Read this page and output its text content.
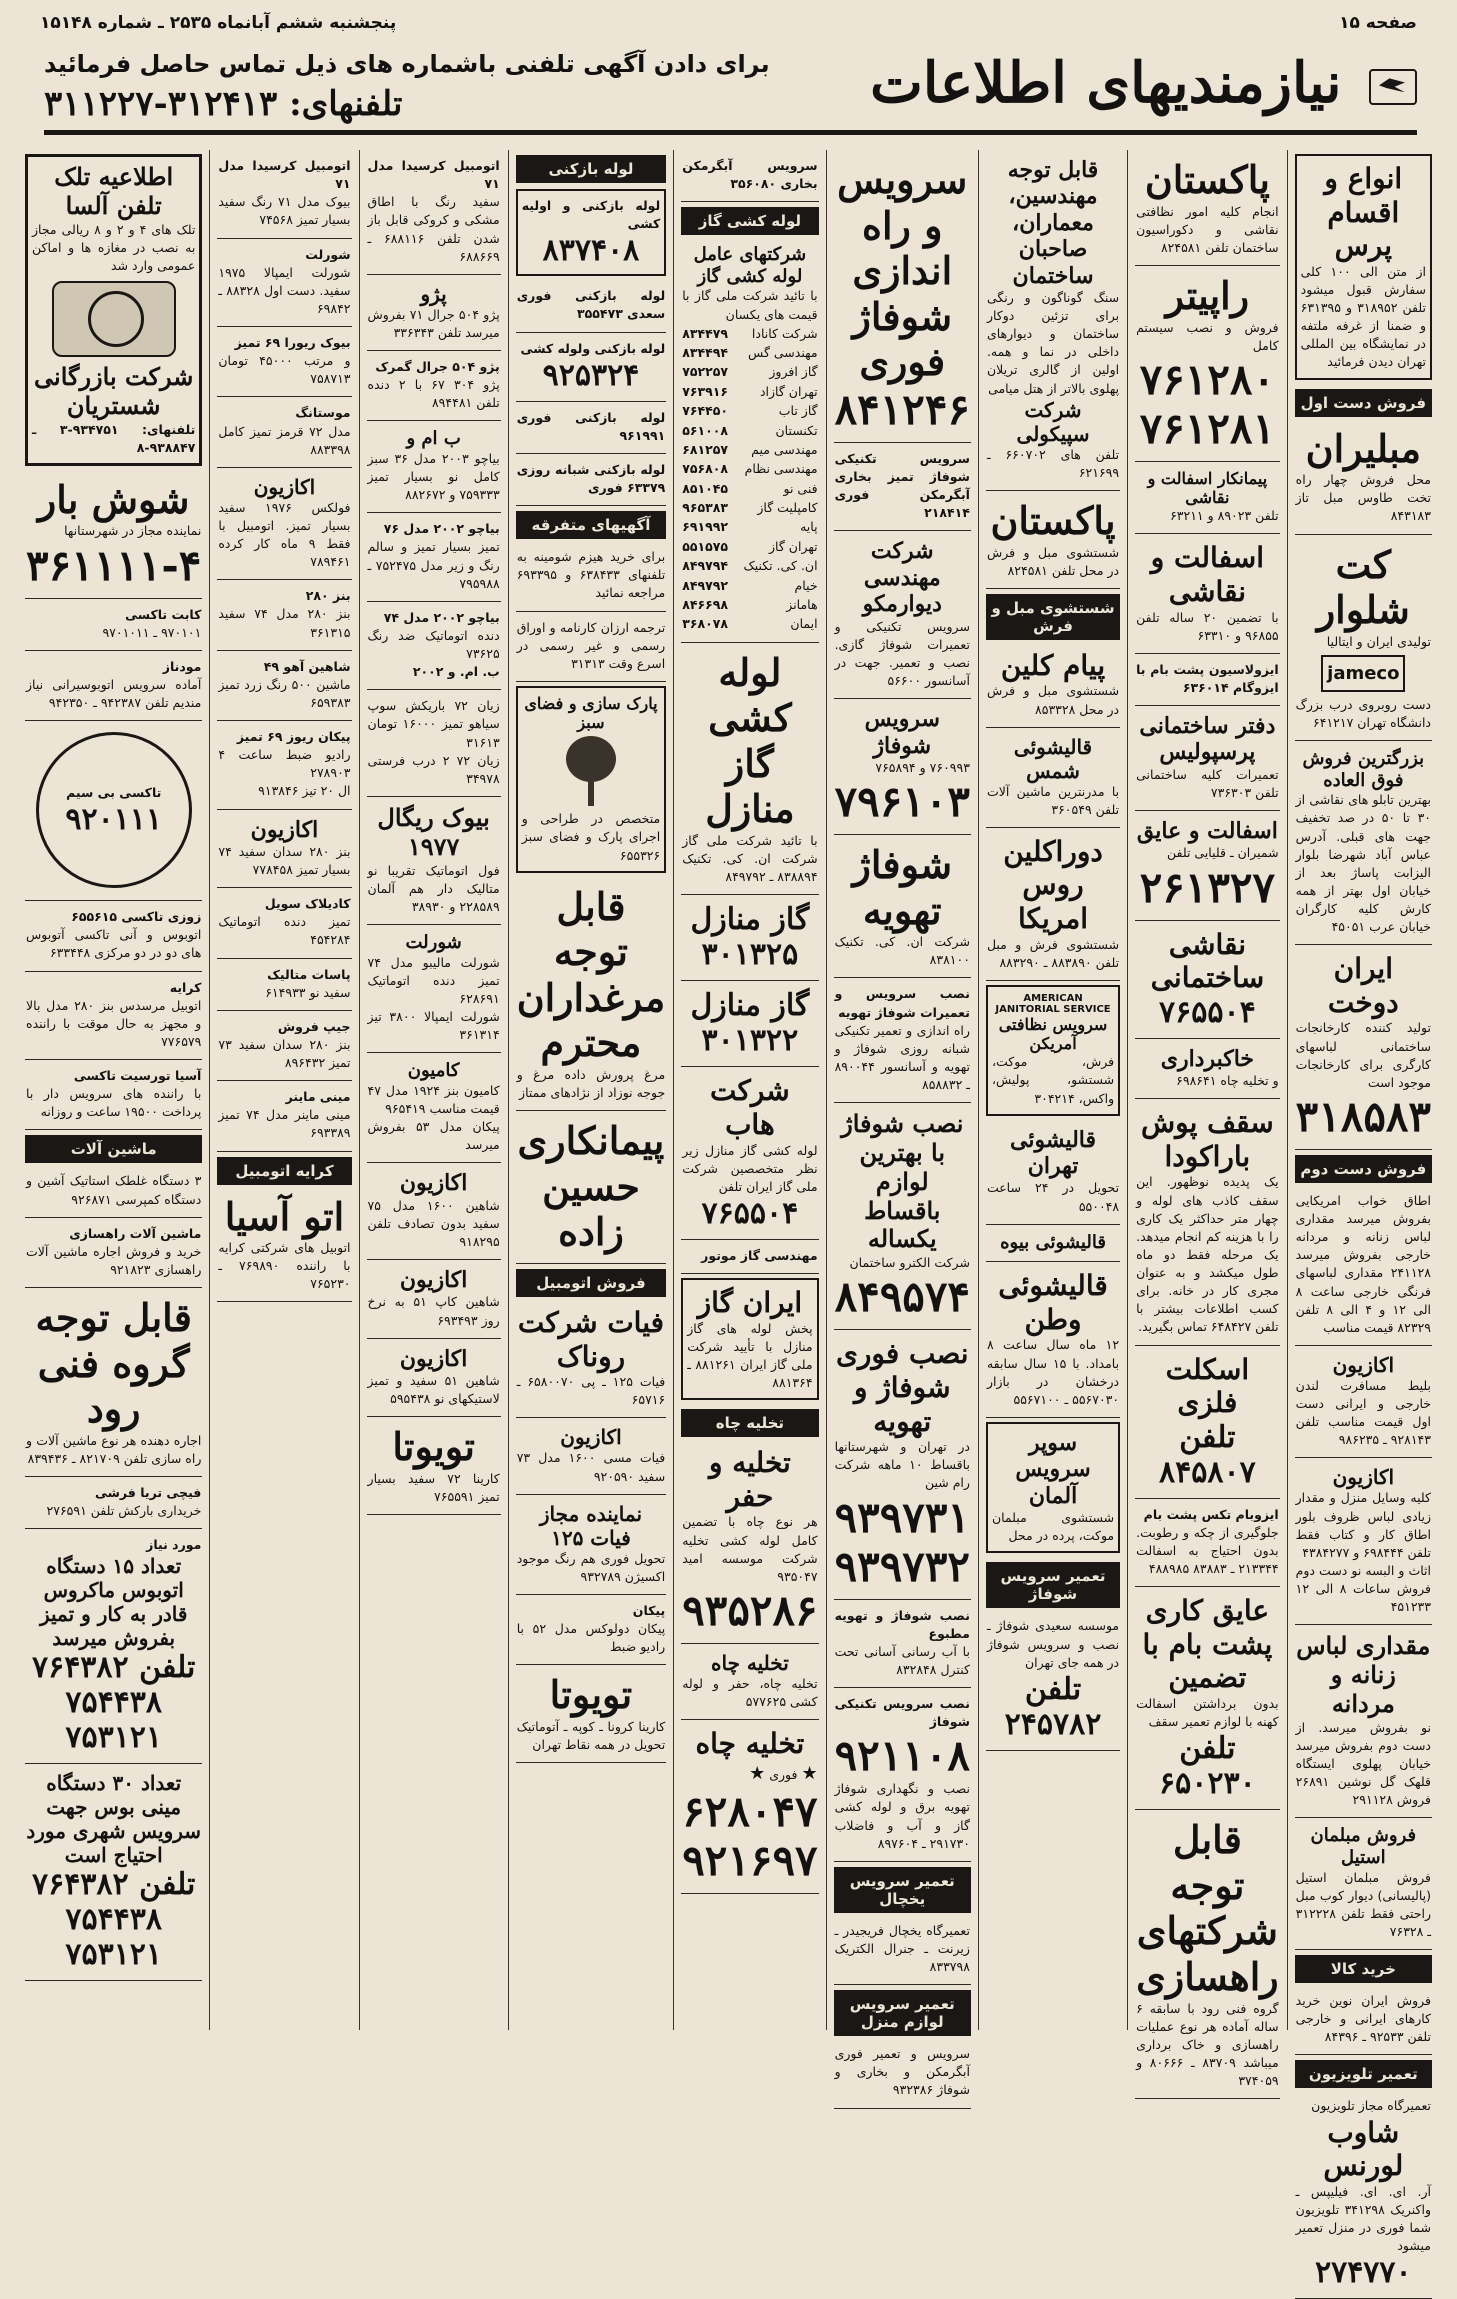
صفحه ۱۵
پنجشنبه ششم آبانماه ۲۵۳۵ ـ شماره ۱۵۱۴۸
نیازمندیهای اطلاعات
برای دادن آگهی تلفنی باشماره های ذیل تماس حاصل فرمائید
تلفنهای: ۳۱۲۴۱۳-۳۱۱۲۲۷
انواع و اقسام پرس
از متن الی ۱۰۰ کلی سفارش قبول میشود تلفن ۳۱۸۹۵۲ و ۶۳۱۳۹۵ و ضمنا از غرفه ملتفه در نمایشگاه بین المللی تهران دیدن فرمائید
فروش دست اول
مبلیران
محل فروش چهار راه تخت طاوس مبل تاز ۸۴۳۱۸۳
کت شلوار
تولیدی ایران و ایتالیا
jameco
دست روبروی درب بزرگ دانشگاه تهران ۶۴۱۲۱۷
بزرگترین فروش فوق العاده
بهترین تابلو های نقاشی از ۳۰ تا ۵۰ در صد تخفیف جهت های قبلی. آدرس عباس آباد شهرضا بلوار الیزابت پاساژ بعد از خیابان اول بهتر از همه کارش کلیه کارگران خیابان عرب ۴۵۰۵۱
ایران دوخت
تولید کننده کارخانجات ساختمانی لباسهای کارگری برای کارخانجات موجود است
۳۱۸۵۸۳
فروش دست دوم
اطاق خواب امریکایی بفروش میرسد مقداری لباس زنانه و مردانه خارجی بفروش میرسد ۲۴۱۱۲۸ مقداری لباسهای فرنگی خارجی ساعت ۸ الی ۱۲ و ۴ الی ۸ تلفن ۸۲۳۲۹ قیمت مناسب
اکازیون
بلیط مسافرت لندن خارجی و ایرانی دست اول قیمت مناسب تلفن ۹۲۸۱۴۳ ـ ۹۸۶۲۳۵
اکازیون
کلیه وسایل منزل و مقدار زیادی لباس ظروف بلور اطاق کار و کتاب فقط تلفن ۶۹۸۴۴۴ و ۴۳۸۴۲۷۷
اثاث و البسه نو دست دوم فروش ساعات ۸ الی ۱۲ ۴۵۱۲۳۳
مقداری لباس زنانه و مردانه
نو بفروش میرسد. از دست دوم بفروش میرسد خیابان پهلوی ایستگاه قلهک گل نوشین ۲۶۸۹۱ فروش ۲۹۱۱۲۸
فروش مبلمان استیل
فروش مبلمان استیل (پالیسانی) دیوار کوب مبل راحتی فقط تلفن ۳۱۲۲۲۸ ـ ۷۶۳۲۸
خرید کالا
فروش ایران نوین خرید کارهای ایرانی و خارجی تلفن ۹۲۵۳۳ ـ ۸۴۳۹۶
تعمیر تلویزیون
تعمیرگاه مجاز تلویزیون
شاوب لورنس
آر. ای. ای. فیلیپس ـ واکنریک ۳۴۱۲۹۸ تلویزیون شما فوری در منزل تعمیر میشود
۲۷۴۷۷۰
پاکستان
انجام کلیه امور نظافتی نقاشی و دکوراسیون ساختمان تلفن ۸۲۴۵۸۱
راپیتر
فروش و نصب سیستم کامل
۷۶۱۲۸۰
۷۶۱۲۸۱
پیمانکار اسفالت و نقاشی
تلفن ۸۹۰۲۳ و ۶۳۲۱۱
اسفالت و نقاشی
با تضمین ۲۰ ساله تلفن ۹۶۸۵۵ و ۶۳۳۱۰
ایزولاسیون پشت بام با ایزوگام ۶۳۶۰۱۴
دفتر ساختمانی پرسپولیس
تعمیرات کلیه ساختمانی تلفن ۷۳۶۳۰۳
اسفالت و عایق
شمیران ـ قلیایی تلفن
۲۶۱۳۲۷
نقاشی ساختمانی
۷۶۵۵۰۴
خاکبرداری
و تخلیه چاه ۶۹۸۶۴۱
سقف پوش باراکودا
یک پدیده نوظهور. این سقف کاذب های لوله و چهار متر حداکثر یک کاری را با هزینه کم انجام میدهد. یک مرحله فقط دو ماه طول میکشد و به عنوان مجری کار در خانه. برای کسب اطلاعات بیشتر با تلفن ۶۴۸۴۲۷ تماس بگیرید.
اسکلت فلزی
تلفن ۸۴۵۸۰۷
ایزوبام تکس پشت بام
جلوگیری از چکه و رطوبت. بدون احتیاج به اسفالت ۲۱۳۳۴۴ ـ ۸۳۸۸۳ ۴۸۸۹۸۵
عایق کاری پشت بام با تضمین
بدون برداشتن اسفالت کهنه با لوازم تعمیر سقف
تلفن ۶۵۰۲۳۰
قابل توجه شرکتهای راهسازی
گروه فنی رود با سابقه ۶ ساله آماده هر نوع عملیات راهسازی و خاک برداری میباشد ۸۳۷۰۹ ـ ۸۰۶۶۶ و ۳۷۴۰۵۹
قابل توجه مهندسین، معماران، صاحبان ساختمان
سنگ گوناگون و رنگی برای تزئین دوکار ساختمان و دیوارهای داخلی در نما و همه. اولین از گالری تریلان پهلوی بالاتر از هتل میامی
شرکت سپیکولی
تلفن های ۶۶۰۷۰۲ ـ ۶۲۱۶۹۹
پاکستان
شستشوی مبل و فرش در محل تلفن ۸۲۴۵۸۱
شستشوی مبل و فرش
پیام کلین
شستشوی مبل و فرش در محل ۸۵۳۳۲۸
قالیشوئی شمس
با مدرنترین ماشین آلات تلفن ۳۶۰۵۴۹
دوراکلین
روس امریکا
شستشوی فرش و مبل تلفن ۸۸۳۸۹۰ ـ ۸۸۳۲۹۰
AMERICAN JANITORIAL SERVICE
سرویس نظافتی آمریکن
فرش، موکت، شستشو، پولیش، واکس، ۳۰۴۲۱۴
قالیشوئی تهران
تحویل در ۲۴ ساعت ۵۵۰۰۴۸
قالیشوئی بیوه
قالیشوئی وطن
۱۲ ماه سال ساعت ۸ بامداد. با ۱۵ سال سابقه درخشان در بازار ۵۵۶۷۰۳۰ ـ ۵۵۶۷۱۰۰
سوپر سرویس آلمان
شستشوی مبلمان موکت، پرده در محل
تعمیر سرویس شوفاژ
موسسه سعیدی شوفاژ ـ نصب و سرویس شوفاژ در همه جای تهران
تلفن ۲۴۵۷۸۲
سرویس و راه اندازی شوفاژ فوری
۸۴۱۲۴۶
سرویس تکنیکی شوفاژ تمیز بخاری آبگرمکن فوری ۲۱۸۴۱۴
شرکت مهندسی دیوارمکو
سرویس تکنیکی و تعمیرات شوفاژ گازی. نصب و تعمیر. جهت در آسانسور ۵۶۶۰۰
سرویس شوفاژ
۷۶۰۹۹۳ و ۷۶۵۸۹۴
۷۹۶۱۰۳
شوفاژ تهویه
شرکت ان. کی. تکنیک ۸۳۸۱۰۰
نصب سرویس و تعمیرات شوفاژ تهویه
راه اندازی و تعمیر تکنیکی شبانه روزی شوفاژ و تهویه و آسانسور ۸۹۰۰۴۴ ـ ۸۵۸۸۳۲
نصب شوفاژ با بهترین لوازم باقساط یکساله
شرکت الکترو ساختمان
۸۴۹۵۷۴
نصب فوری شوفاژ و تهویه
در تهران و شهرستانها باقساط ۱۰ ماهه شرکت رام شین
۹۳۹۷۳۱
۹۳۹۷۳۲
نصب شوفاژ و تهویه مطبوع
با آب رسانی آسانی تحت کنترل ۸۳۲۸۴۸
نصب سرویس تکنیکی شوفاژ
۹۲۱۱۰۸
نصب و نگهداری شوفاژ تهویه برق و لوله کشی گاز و آب و فاضلاب ۲۹۱۷۳۰ ـ ۸۹۷۶۰۴
تعمیر سرویس یخچال
تعمیرگاه یخچال فریجیدر ـ زیرنت ـ جنرال الکتریک ۸۳۳۷۹۸
تعمیر سرویس لوازم منزل
سرویس و تعمیر فوری آبگرمکن و بخاری و شوفاژ ۹۳۲۳۸۶
سرویس آبگرمکن بخاری ۳۵۶۰۸۰
لوله کشی گاز
شرکتهای عامل لوله کشی گاز
با تائید شرکت ملی گاز با قیمت های یکسان
شرکت کانادا
۸۳۴۴۷۹
مهندسی گس
۸۳۴۴۹۴
گاز افروز
۷۵۲۲۵۷
تهران گازاد
۷۶۳۹۱۶
گاز تاب
۷۶۴۴۵۰
تکنستان
۵۶۱۰۰۸
مهندسی میم
۶۸۱۲۵۷
مهندسی نظام
۷۵۶۸۰۸
فنی نو
۸۵۱۰۴۵
کامپلیت گاز
۹۶۵۳۸۳
پایه
۶۹۱۹۹۲
تهران گاز
۵۵۱۵۷۵
ان. کی. تکنیک
۸۴۹۷۹۴
خیام
۸۴۹۷۹۲
هامانز
۸۴۶۶۹۸
ایمان
۳۶۸۰۷۸
لوله کشی گاز منازل
با تائید شرکت ملی گاز شرکت ان. کی. تکنیک ۸۳۸۸۹۴ ـ ۸۴۹۷۹۲
گاز منازل ۳۰۱۳۲۵
گاز منازل ۳۰۱۳۲۲
شرکت هاب
لوله کشی گاز منازل زیر نظر متخصصین شرکت ملی گاز ایران تلفن
۷۶۵۵۰۴
مهندسی گاز موتور
ایران گاز
پخش لوله های گاز منازل با تأیید شرکت ملی گاز ایران ۸۸۱۲۶۱ ـ ۸۸۱۳۶۴
تخلیه چاه
تخلیه و حفر
هر نوع چاه با تضمین کامل لوله کشی تخلیه شرکت موسسه امید ۹۳۵۰۴۷
۹۳۵۲۸۶
تخلیه چاه
تخلیه چاه، حفر و لوله کشی ۵۷۷۶۲۵
تخلیه چاه
★ فوری ★
۶۲۸۰۴۷
۹۲۱۶۹۷
لوله بازکنی
لوله بازکنی و اولیه کشی
۸۳۷۴۰۸
لوله بازکنی فوری سعدی ۳۵۵۴۷۳
لوله بازکنی ولوله کشی
۹۲۵۳۲۴
لوله بازکنی فوری ۹۶۱۹۹۱
لوله بازکنی شبانه روزی ۶۳۳۷۹ فوری
آگهیهای متفرقه
برای خرید هیزم شومینه به تلفنهای ۶۳۸۴۳۳ و ۶۹۳۳۹۵ مراجعه نمائید
ترجمه ارزان کارنامه و اوراق رسمی و غیر رسمی در اسرع وقت ۳۱۳۱۳
پارک سازی و فضای سبز
متخصص در طراحی و اجرای پارک و فضای سبز ۶۵۵۳۲۶
قابل توجه مرغداران محترم
مرغ پرورش داده مرغ و جوجه نوزاد از نژادهای ممتاز
پیمانکاری حسین زاده
فروش اتومبیل
فیات شرکت روناک
فیات ۱۲۵ ـ پی ۶۵۸۰۰۷۰ ـ ۶۵۷۱۶
اکازیون
فیات مسی ۱۶۰۰ مدل ۷۳ سفید ۹۲۰۵۹۰
نماینده مجاز فیات ۱۲۵
تحویل فوری هم رنگ موجود اکسیژن ۹۳۲۷۸۹
پیکان
پیکان دولوکس مدل ۵۲ با رادیو ضبط
تویوتا
کارینا کرونا ـ کوپه ـ آتوماتیک تحویل در همه نقاط تهران
اتومبیل کرسیدا مدل ۷۱
سفید رنگ با اطاق مشکی و کروکی قابل باز شدن تلفن ۶۸۸۱۱۶ ـ ۶۸۸۶۶۹
پژو
پژو ۵۰۴ جرال ۷۱ بفروش میرسد تلفن ۳۳۶۳۴۳
پژو ۵۰۴ جرال گمرک
پژو ۳۰۴ ۶۷ با ۲ دنده تلفن ۸۹۴۴۸۱
ب ام و
بیاچو ۲۰۰۳ مدل ۳۶ سبز کامل نو بسیار تمیز ۷۵۹۳۳۳ و ۸۸۲۶۷۲
بیاچو ۲۰۰۲ مدل ۷۶
تمیز بسیار تمیز و سالم رنگ و زیر مدل ۷۵۲۴۷۵ ـ ۷۹۵۹۸۸
بیاچو ۲۰۰۲ مدل ۷۴
دنده اتوماتیک ضد رنگ ۷۳۶۲۵
ب. ام. و ۲۰۰۲
زیان ۷۲ باریکش سوپ سیاهو تمیز ۱۶۰۰۰ تومان ۳۱۶۱۳
زیان ۷۲ ۲ درب فرستی ۳۴۹۷۸
بیوک ریگال ۱۹۷۷
فول اتوماتیک تقریبا نو متالیک دار هم آلمان ۲۲۸۵۸۹ و ۳۸۹۳۰
شورلت
شورلت مالیبو مدل ۷۴ تمیز دنده اتوماتیک ۶۲۸۶۹۱
شورلت ایمپالا ۳۸۰۰ تیز ۳۶۱۳۱۴
کامیون
کامیون بنز ۱۹۲۴ مدل ۴۷ قیمت مناسب ۹۶۵۴۱۹
پیکان مدل ۵۳ بفروش میرسد
اکازیون
شاهین ۱۶۰۰ مدل ۷۵ سفید بدون تصادف تلفن ۹۱۸۲۹۵
اکازیون
شاهین کاپ ۵۱ به نرخ روز ۶۹۳۴۹۳
اکازیون
شاهین ۵۱ سفید و تمیز لاستیکهای نو ۵۹۵۴۳۸
تویوتا
کارینا ۷۲ سفید بسیار تمیز ۷۶۵۵۹۱
اتومبیل کرسیدا مدل ۷۱
بیوک مدل ۷۱ رنگ سفید بسیار تمیز ۷۴۵۶۸
شورلت
شورلت ایمپالا ۱۹۷۵ سفید. دست اول ۸۸۳۲۸ ـ ۶۹۸۴۲
بیوک ریورا ۶۹ تمیز
و مرتب ۴۵۰۰۰ تومان ۷۵۸۷۱۳
موستانگ
مدل ۷۲ قرمز تمیز کامل ۸۸۳۳۹۸
اکازیون
فولکس ۱۹۷۶ سفید بسیار تمیز. اتومبیل با فقط ۹ ماه کار کرده ۷۸۹۴۶۱
بنز ۲۸۰
بنز ۲۸۰ مدل ۷۴ سفید ۳۶۱۳۱۵
شاهین آهو ۴۹
ماشین ۵۰۰ رنگ زرد تمیز ۶۵۹۳۸۳
پیکان ریوز ۶۹ تمیز
رادیو ضبط ساعت ۴ ۲۷۸۹۰۳
ال ۲۰ تیز ۹۱۳۸۴۶
اکازیون
بنز ۲۸۰ سدان سفید ۷۴ بسیار تمیز ۷۷۸۴۵۸
کادیلاک سویل
تمیز دنده اتوماتیک ۴۵۴۲۸۴
پاسات متالیک
سفید نو ۶۱۴۹۳۳
جیپ فروش
بنز ۲۸۰ سدان سفید ۷۳ تمیز ۸۹۶۴۳۲
مینی ماینر
مینی ماینر مدل ۷۴ تمیز ۶۹۳۳۸۹
کرایه اتومبیل
اتو آسیا
اتوبیل های شرکتی کرایه با راننده ۷۶۹۸۹۰ ـ ۷۶۵۲۳۰
اطلاعیه تلک تلفن آلسا
تلک های ۴ و ۲ و ۸ ریالی مجاز به نصب در مغازه ها و اماکن عمومی وارد شد
شرکت بازرگانی شستریان
تلفنهای: ۹۳۴۷۵۱-۳ ـ ۹۳۸۸۴۷-۸
شوش بار
نماینده مجاز در شهرستانها
۳۶۱۱۱۱-۴
کابت تاکسی
۹۷۰۱۰۱ ـ ۹۷۰۱۰۱۱
مودناز
آماده سرویس اتوبوسیرانی نیاز مندیم تلفن ۹۴۲۳۸۷ ـ ۹۴۲۳۵۰
تاکسی بی سیم
۹۲۰۱۱۱
زوزی تاکسی ۶۵۵۶۱۵
اتوبوس و آنی تاکسی آتوبوس های دو در دو مرکزی ۶۳۳۴۴۸
کرایه
اتوبیل مرسدس بنز ۲۸۰ مدل بالا و مجهز به حال موقت با راننده ۷۷۶۵۷۹
آسیا تورسیت تاکسی
با راننده های سرویس دار با پرداخت ۱۹۵۰۰ ساعت و روزانه
ماشین آلات
۳ دستگاه غلطک استاتیک آشین و دستگاه کمپرسی ۹۲۶۸۷۱
ماشین آلات راهسازی
خرید و فروش اجاره ماشین آلات راهسازی ۹۲۱۸۲۳
قابل توجه گروه فنی رود
اجاره دهنده هر نوع ماشین آلات و راه سازی تلفن ۸۲۱۷۰۹ ـ ۸۳۹۴۳۶
فیچی تریا فرشی
خریداری بارکش تلفن ۲۷۶۵۹۱
مورد نیاز
تعداد ۱۵ دستگاه اتوبوس ماکروس قادر به کار و تمیز بفروش میرسد
تلفن ۷۶۴۳۸۲
۷۵۴۴۳۸
۷۵۳۱۲۱
تعداد ۳۰ دستگاه مینی بوس جهت سرویس شهری مورد احتیاج است
تلفن ۷۶۴۳۸۲
۷۵۴۴۳۸
۷۵۳۱۲۱
